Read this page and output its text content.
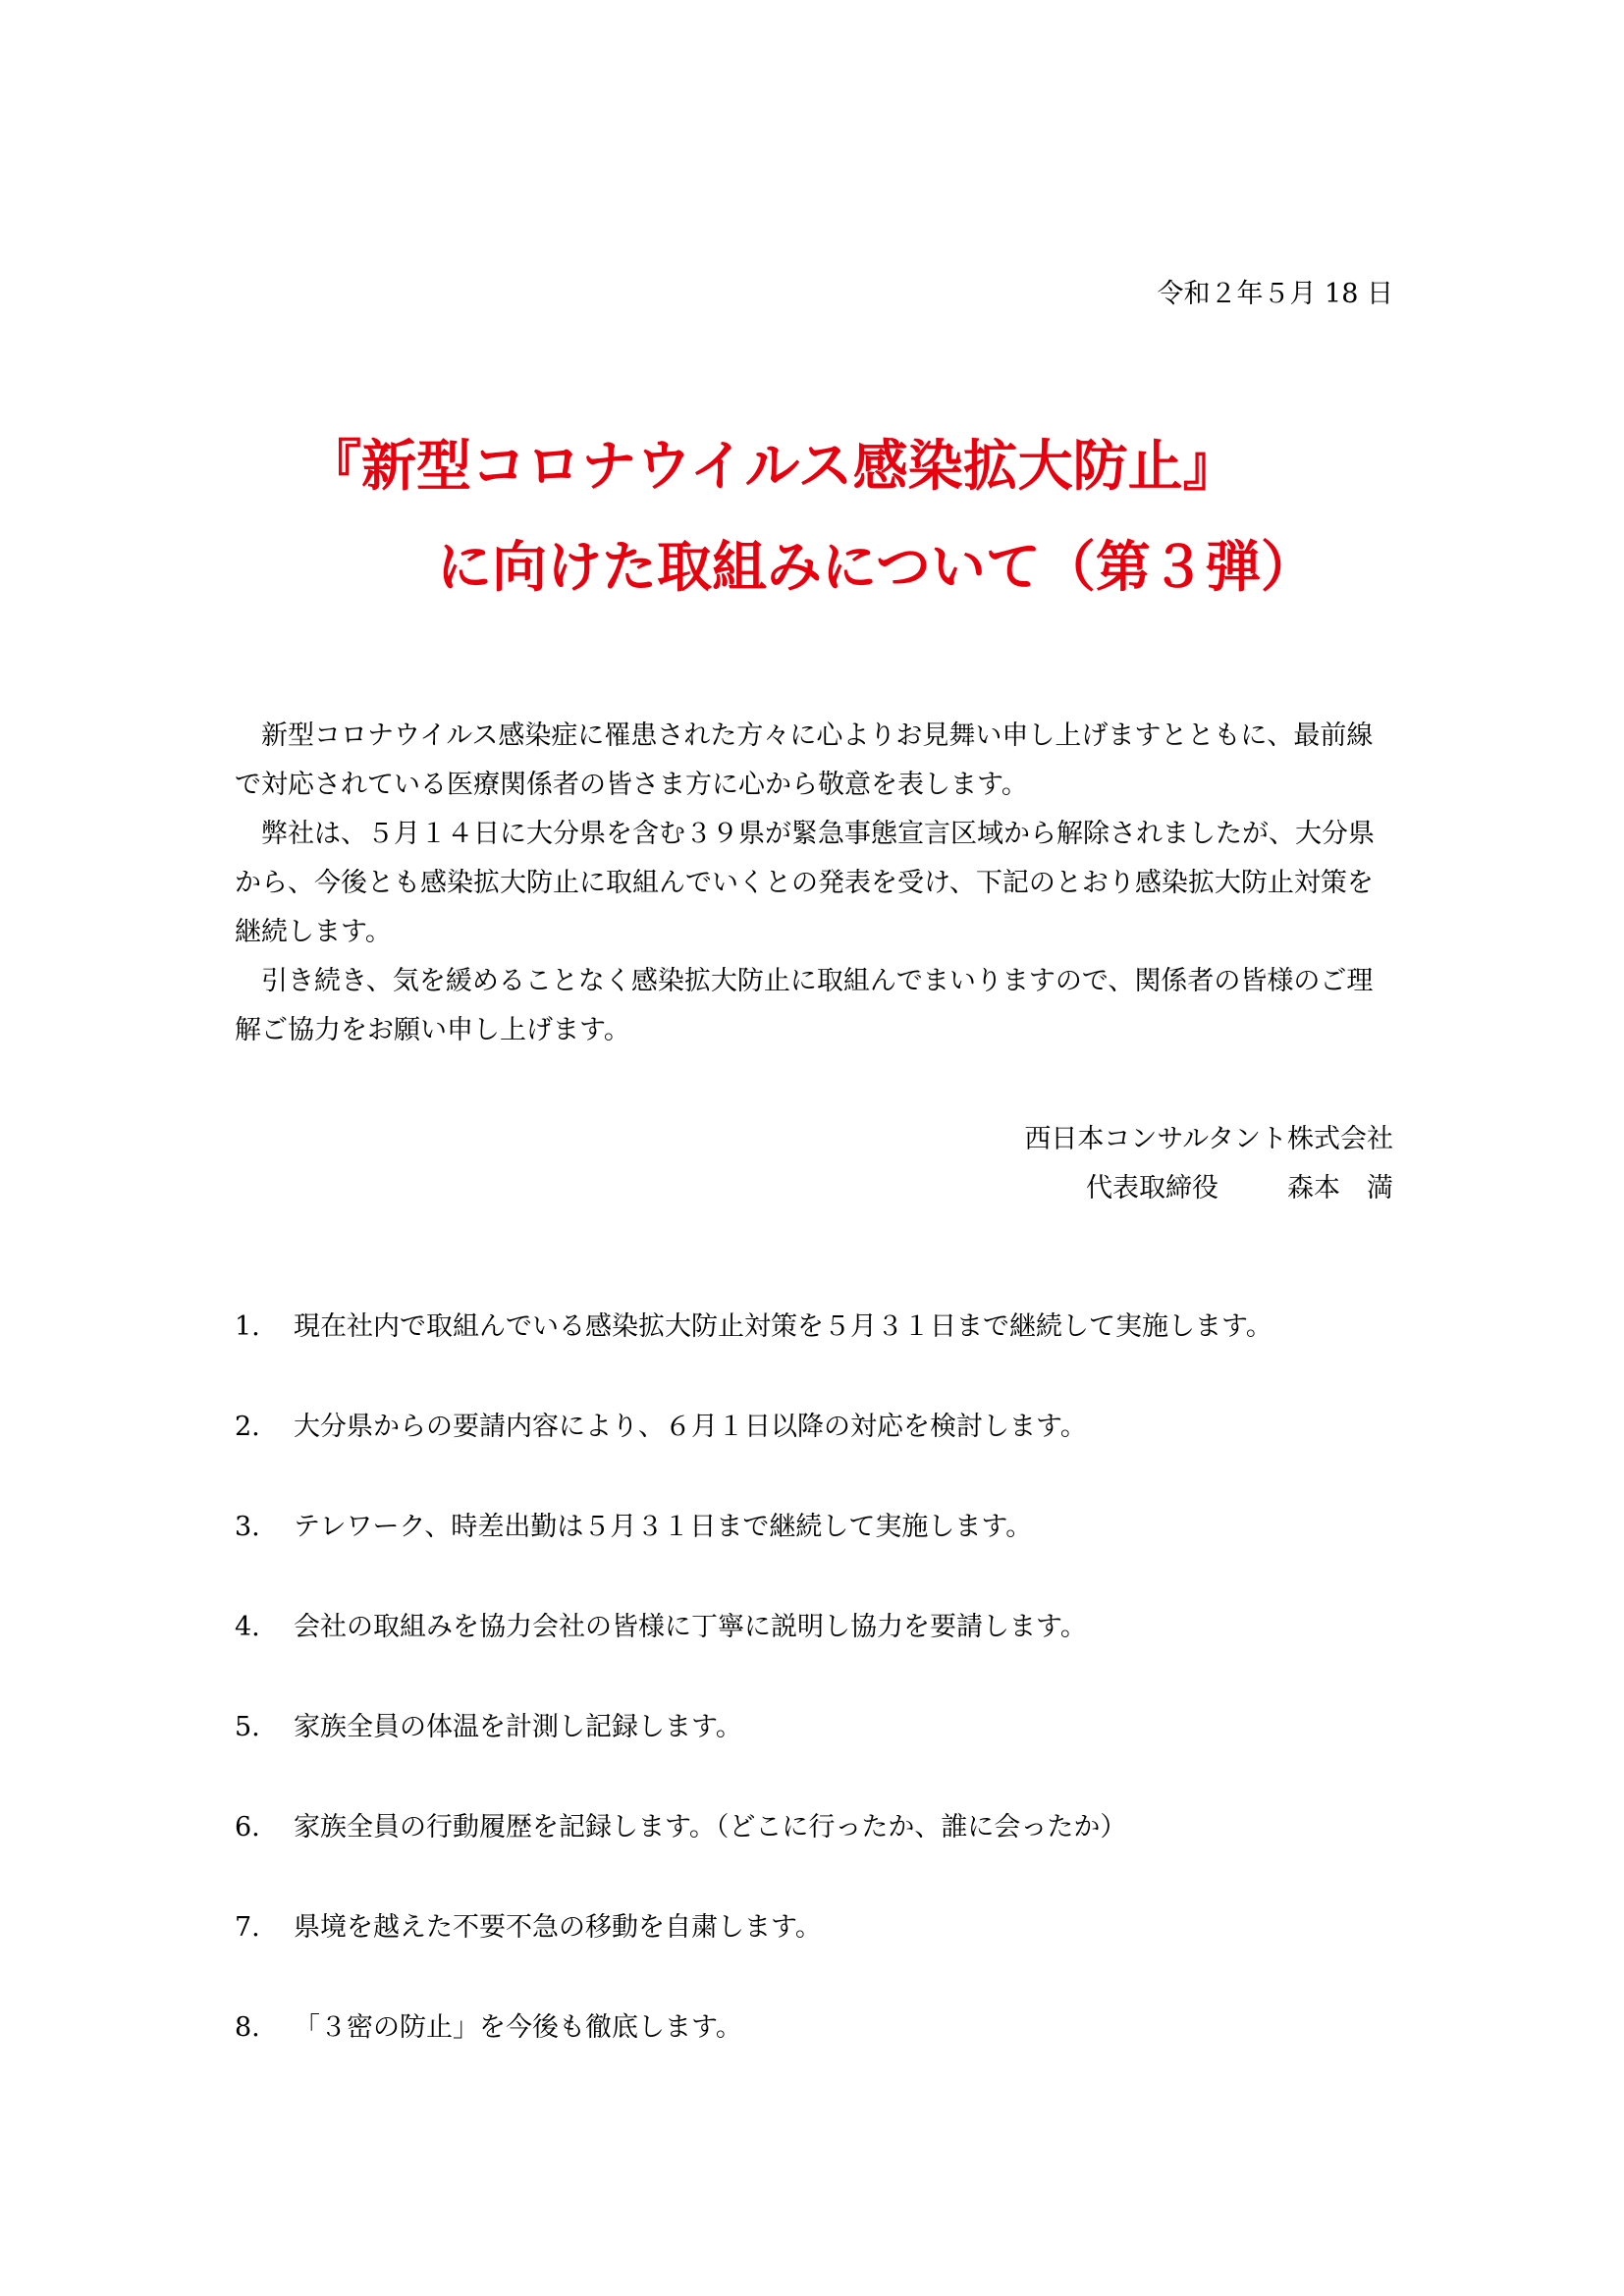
令和２年５月 18 日
『新型コロナウイルス感染拡大防止』
に向けた取組みについて（第３弾）

新型コロナウイルス感染症に罹患された方々に心よりお見舞い申し上げますとともに、最前線で対応されている医療関係者の皆さま方に心から敬意を表します。

弊社は、５月１４日に大分県を含む３９県が緊急事態宣言区域から解除されましたが、大分県から、今後とも感染拡大防止に取組んでいくとの発表を受け、下記のとおり感染拡大防止対策を継続します。

引き続き、気を緩めることなく感染拡大防止に取組んでまいりますので、関係者の皆様のご理解ご協力をお願い申し上げます。

西日本コンサルタント株式会社
代表取締役	森本　満
1.	現在社内で取組んでいる感染拡大防止対策を５月３１日まで継続して実施します。
2.	大分県からの要請内容により、６月１日以降の対応を検討します。
3.	テレワーク、時差出勤は５月３１日まで継続して実施します。
4.	会社の取組みを協力会社の皆様に丁寧に説明し協力を要請します。
5.	家族全員の体温を計測し記録します。
6.	家族全員の行動履歴を記録します。（どこに行ったか、誰に会ったか）
7.	県境を越えた不要不急の移動を自粛します。
8.	「３密の防止」を今後も徹底します。
